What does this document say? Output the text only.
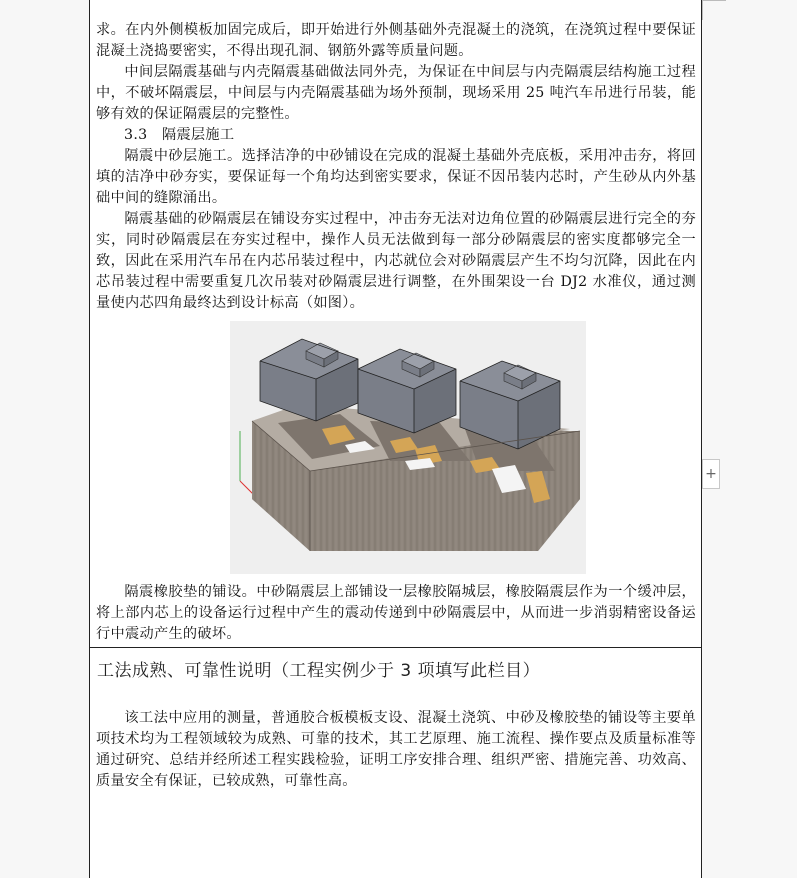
求。在内外侧模板加固完成后，即开始进行外侧基础外壳混凝土的浇筑，在浇筑过程中要保证混凝土浇捣要密实，不得出现孔洞、钢筋外露等质量问题。

中间层隔震基础与内壳隔震基础做法同外壳，为保证在中间层与内壳隔震层结构施工过程中，不破坏隔震层，中间层与内壳隔震基础为场外预制，现场采用 25 吨汽车吊进行吊装，能够有效的保证隔震层的完整性。

3.3　隔震层施工

隔震中砂层施工。选择洁净的中砂铺设在完成的混凝土基础外壳底板，采用冲击夯，将回填的洁净中砂夯实，要保证每一个角均达到密实要求，保证不因吊装内芯时，产生砂从内外基础中间的缝隙涌出。

隔震基础的砂隔震层在铺设夯实过程中，冲击夯无法对边角位置的砂隔震层进行完全的夯实，同时砂隔震层在夯实过程中，操作人员无法做到每一部分砂隔震层的密实度都够完全一致，因此在采用汽车吊在内芯吊装过程中，内芯就位会对砂隔震层产生不均匀沉降，因此在内芯吊装过程中需要重复几次吊装对砂隔震层进行调整，在外围架设一台 DJ2 水准仪，通过测量使内芯四角最终达到设计标高（如图）。

隔震橡胶垫的铺设。中砂隔震层上部铺设一层橡胶隔城层，橡胶隔震层作为一个缓冲层，将上部内芯上的设备运行过程中产生的震动传递到中砂隔震层中，从而进一步消弱精密设备运行中震动产生的破坏。

工法成熟、可靠性说明（工程实例少于 3 项填写此栏目）

该工法中应用的测量，普通胶合板模板支设、混凝土浇筑、中砂及橡胶垫的铺设等主要单项技术均为工程领域较为成熟、可靠的技术，其工艺原理、施工流程、操作要点及质量标准等通过研究、总结并经所述工程实践检验，证明工序安排合理、组织严密、措施完善、功效高、质量安全有保证，已较成熟，可靠性高。

+
